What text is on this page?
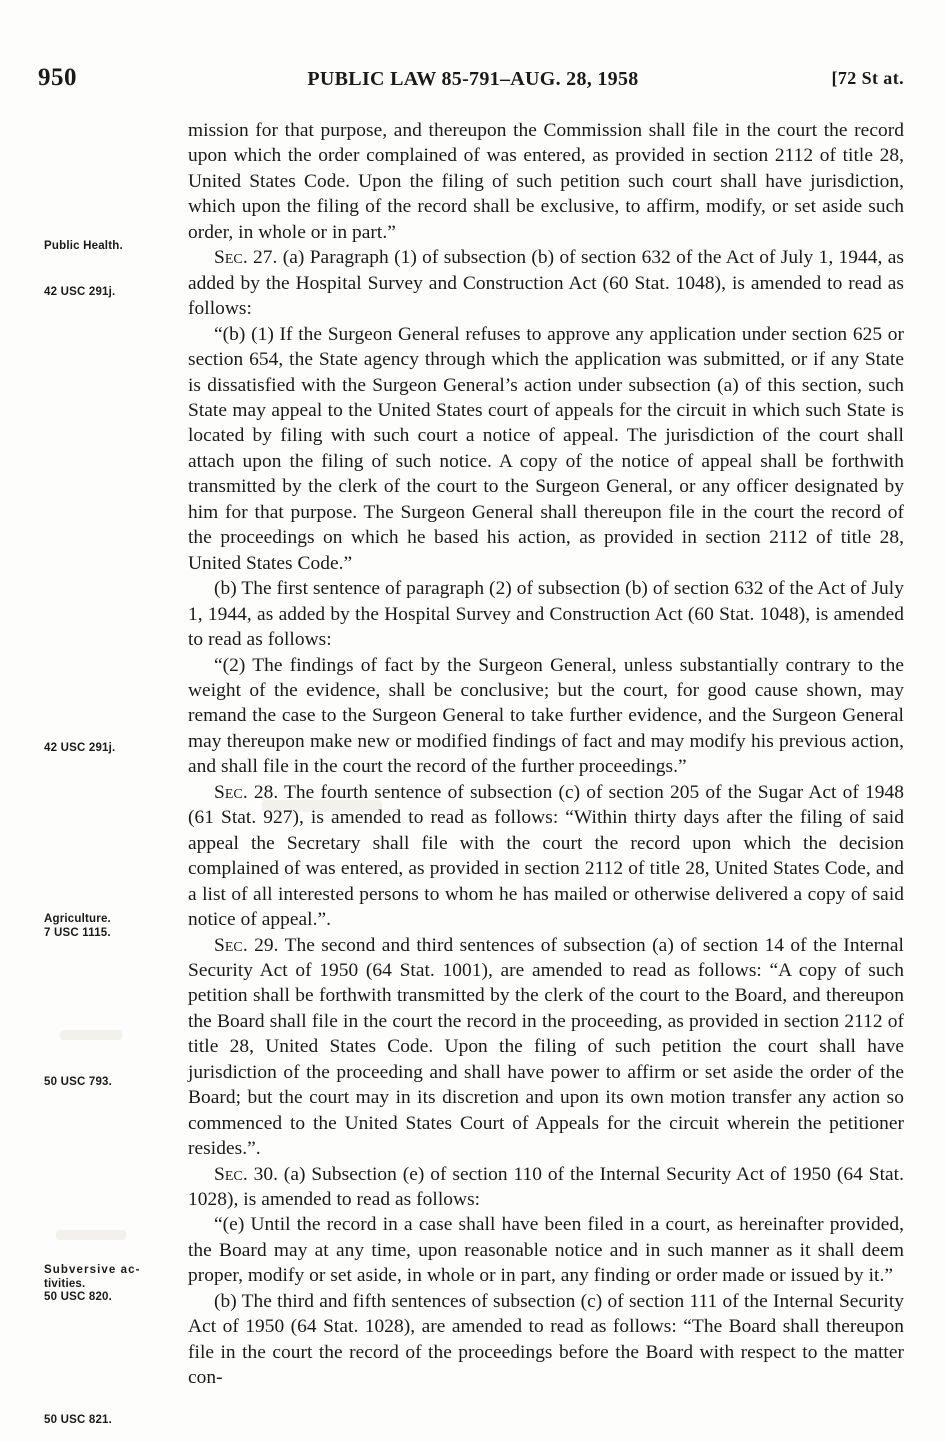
950	PUBLIC LAW 85-791–AUG. 28, 1958	[72 St at.
Public Health.
42 USC 291j.
42 USC 291j.
Agriculture.
7 USC 1115.
50 USC 793.
Subversive ac-
tivities.
50 USC 820.
50 USC 821.

mission for that purpose, and thereupon the Commission shall file in the court the record upon which the order complained of was entered, as provided in section 2112 of title 28, United States Code. Upon the filing of such petition such court shall have jurisdiction, which upon the filing of the record shall be exclusive, to affirm, modify, or set aside such order, in whole or in part.”

Sec. 27. (a) Paragraph (1) of subsection (b) of section 632 of the Act of July 1, 1944, as added by the Hospital Survey and Construction Act (60 Stat. 1048), is amended to read as follows:

“(b) (1) If the Surgeon General refuses to approve any application under section 625 or section 654, the State agency through which the application was submitted, or if any State is dissatisfied with the Surgeon General’s action under subsection (a) of this section, such State may appeal to the United States court of appeals for the circuit in which such State is located by filing with such court a notice of appeal. The jurisdiction of the court shall attach upon the filing of such notice. A copy of the notice of appeal shall be forthwith transmitted by the clerk of the court to the Surgeon General, or any officer designated by him for that purpose. The Surgeon General shall thereupon file in the court the record of the proceedings on which he based his action, as provided in section 2112 of title 28, United States Code.”

(b) The first sentence of paragraph (2) of subsection (b) of section 632 of the Act of July 1, 1944, as added by the Hospital Survey and Construction Act (60 Stat. 1048), is amended to read as follows:

“(2) The findings of fact by the Surgeon General, unless substantially contrary to the weight of the evidence, shall be conclusive; but the court, for good cause shown, may remand the case to the Surgeon General to take further evidence, and the Surgeon General may thereupon make new or modified findings of fact and may modify his previous action, and shall file in the court the record of the further proceedings.”

Sec. 28. The fourth sentence of subsection (c) of section 205 of the Sugar Act of 1948 (61 Stat. 927), is amended to read as follows: “Within thirty days after the filing of said appeal the Secretary shall file with the court the record upon which the decision complained of was entered, as provided in section 2112 of title 28, United States Code, and a list of all interested persons to whom he has mailed or otherwise delivered a copy of said notice of appeal.”.

Sec. 29. The second and third sentences of subsection (a) of section 14 of the Internal Security Act of 1950 (64 Stat. 1001), are amended to read as follows: “A copy of such petition shall be forthwith transmitted by the clerk of the court to the Board, and thereupon the Board shall file in the court the record in the proceeding, as provided in section 2112 of title 28, United States Code. Upon the filing of such petition the court shall have jurisdiction of the proceeding and shall have power to affirm or set aside the order of the Board; but the court may in its discretion and upon its own motion transfer any action so commenced to the United States Court of Appeals for the circuit wherein the petitioner resides.”.

Sec. 30. (a) Subsection (e) of section 110 of the Internal Security Act of 1950 (64 Stat. 1028), is amended to read as follows:

“(e) Until the record in a case shall have been filed in a court, as hereinafter provided, the Board may at any time, upon reasonable notice and in such manner as it shall deem proper, modify or set aside, in whole or in part, any finding or order made or issued by it.”

(b) The third and fifth sentences of subsection (c) of section 111 of the Internal Security Act of 1950 (64 Stat. 1028), are amended to read as follows: “The Board shall thereupon file in the court the record of the proceedings before the Board with respect to the matter con-
